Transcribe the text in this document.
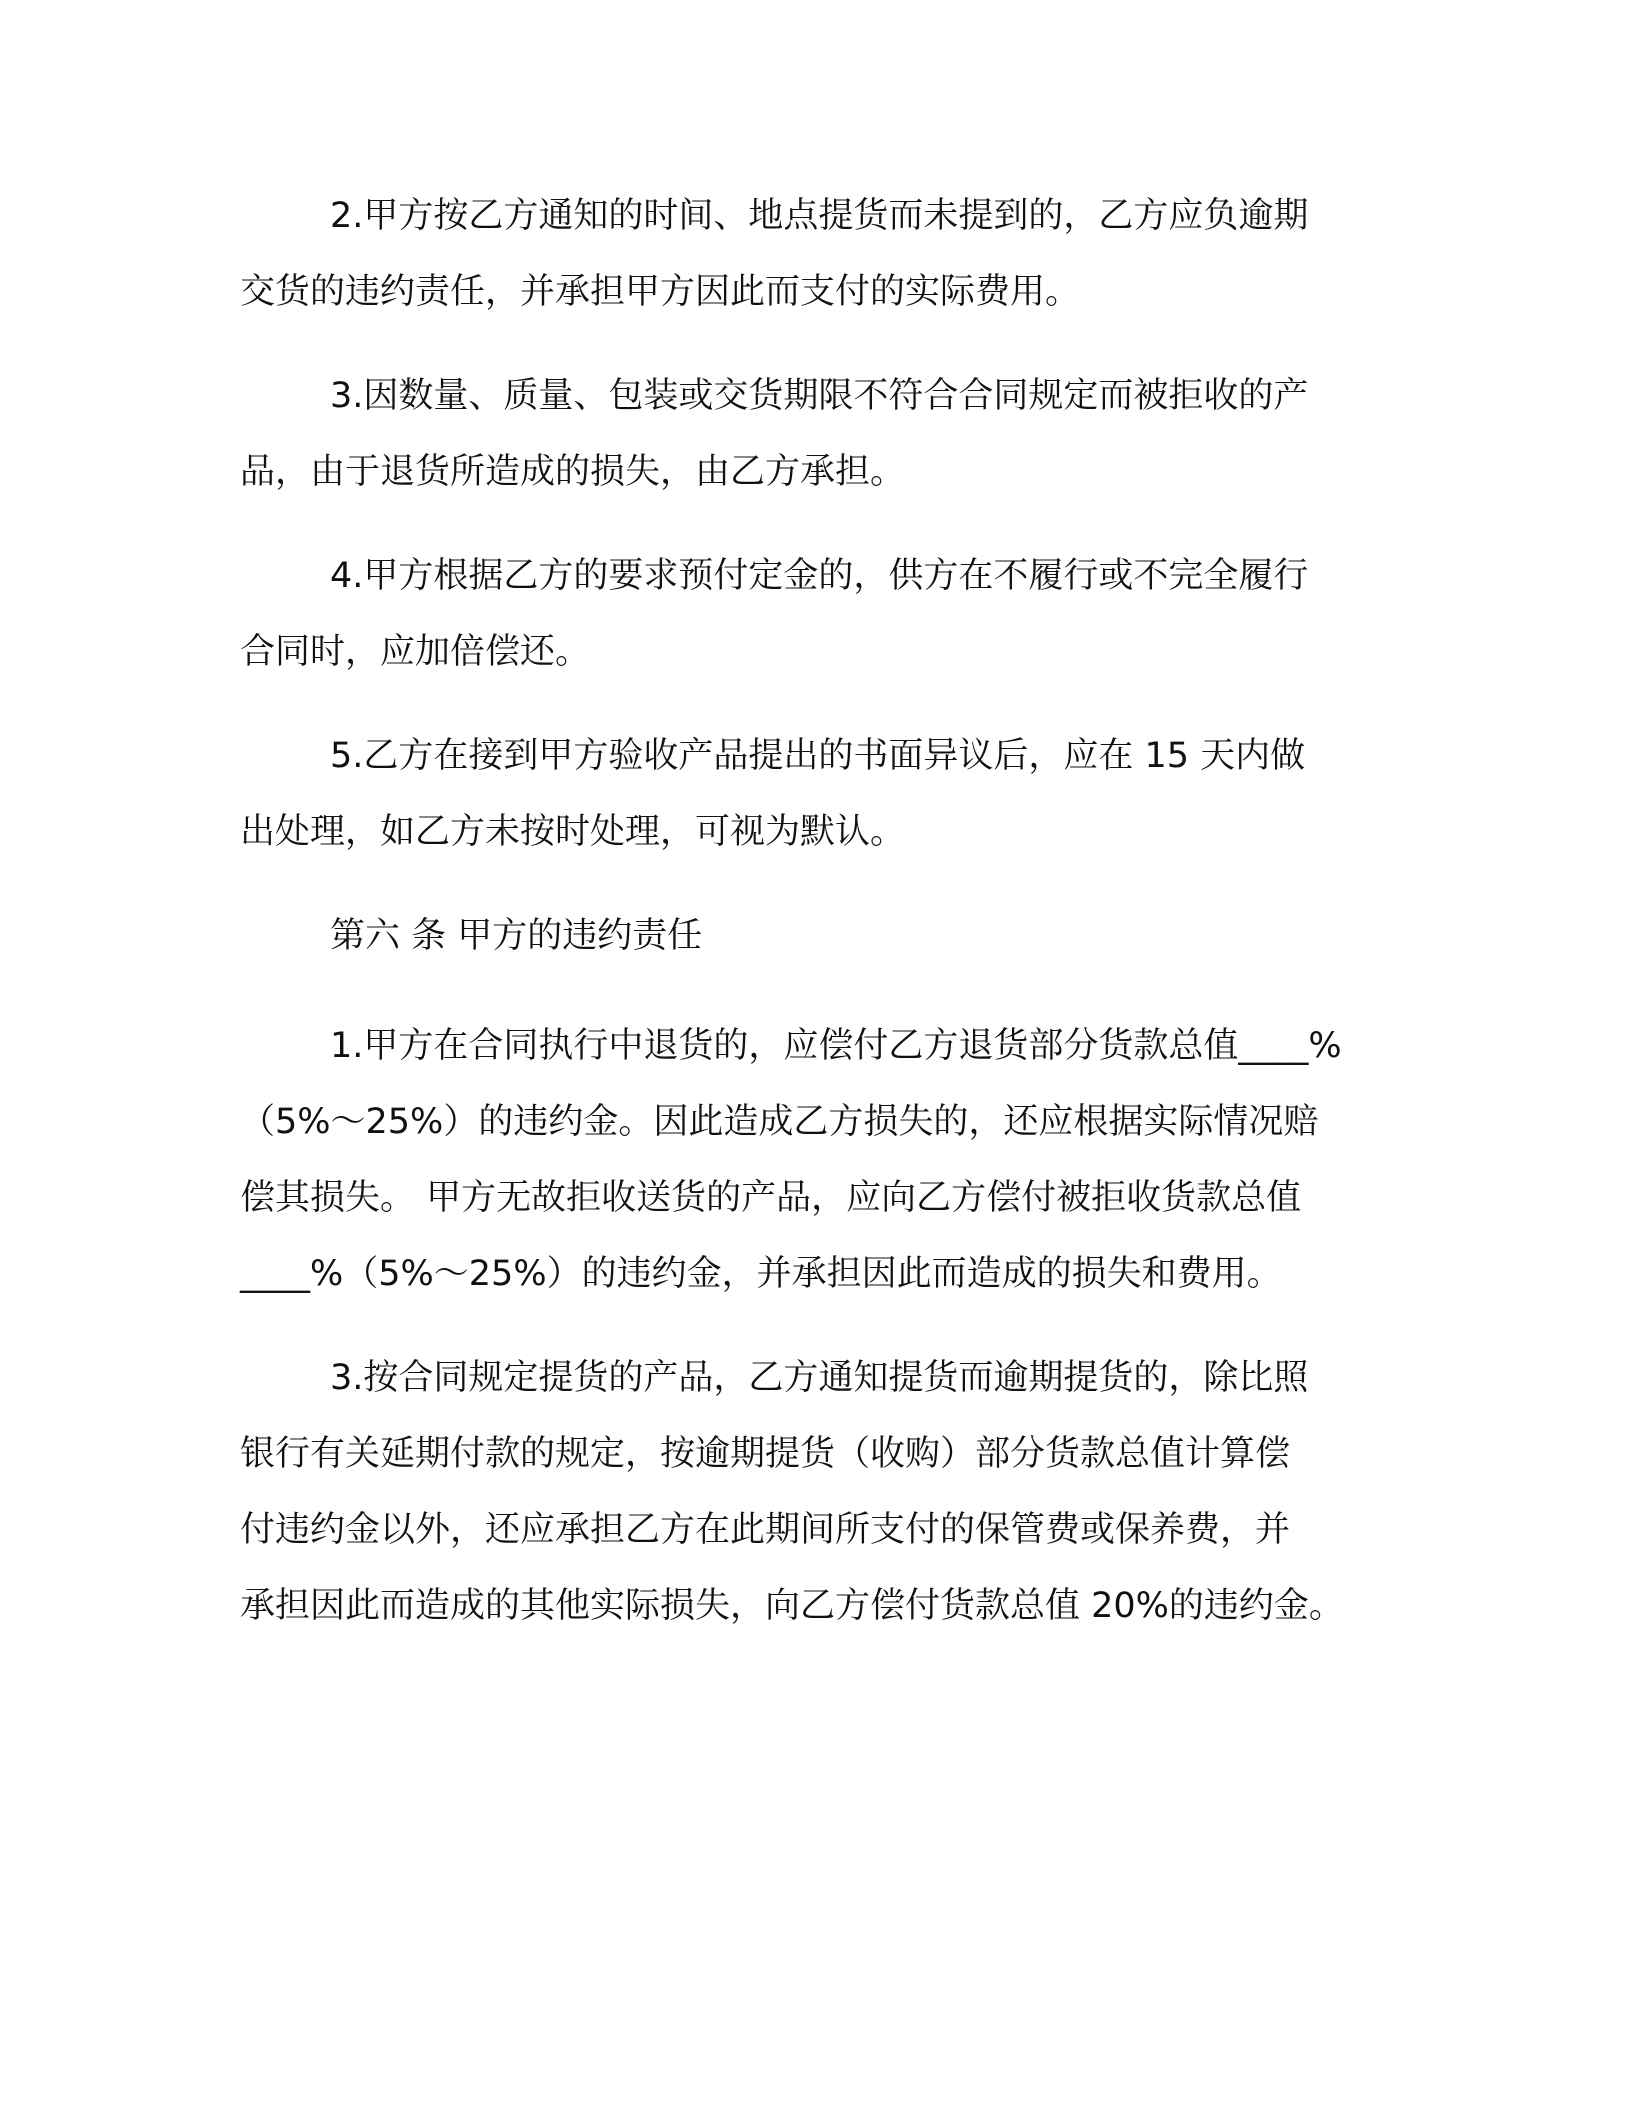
2.甲方按乙方通知的时间、地点提货而未提到的，乙方应负逾期
交货的违约责任，并承担甲方因此而支付的实际费用。
3.因数量、质量、包装或交货期限不符合合同规定而被拒收的产
品，由于退货所造成的损失，由乙方承担。
4.甲方根据乙方的要求预付定金的，供方在不履行或不完全履行
合同时，应加倍偿还。
5.乙方在接到甲方验收产品提出的书面异议后，应在 15 天内做
出处理，如乙方未按时处理，可视为默认。
第六 条 甲方的违约责任
1.甲方在合同执行中退货的，应偿付乙方退货部分货款总值____%
（5%～25%）的违约金。因此造成乙方损失的，还应根据实际情况赔
偿其损失。 甲方无故拒收送货的产品，应向乙方偿付被拒收货款总值
____%（5%～25%）的违约金，并承担因此而造成的损失和费用。
3.按合同规定提货的产品，乙方通知提货而逾期提货的，除比照
银行有关延期付款的规定，按逾期提货（收购）部分货款总值计算偿
付违约金以外，还应承担乙方在此期间所支付的保管费或保养费，并
承担因此而造成的其他实际损失，向乙方偿付货款总值 20%的违约金。
